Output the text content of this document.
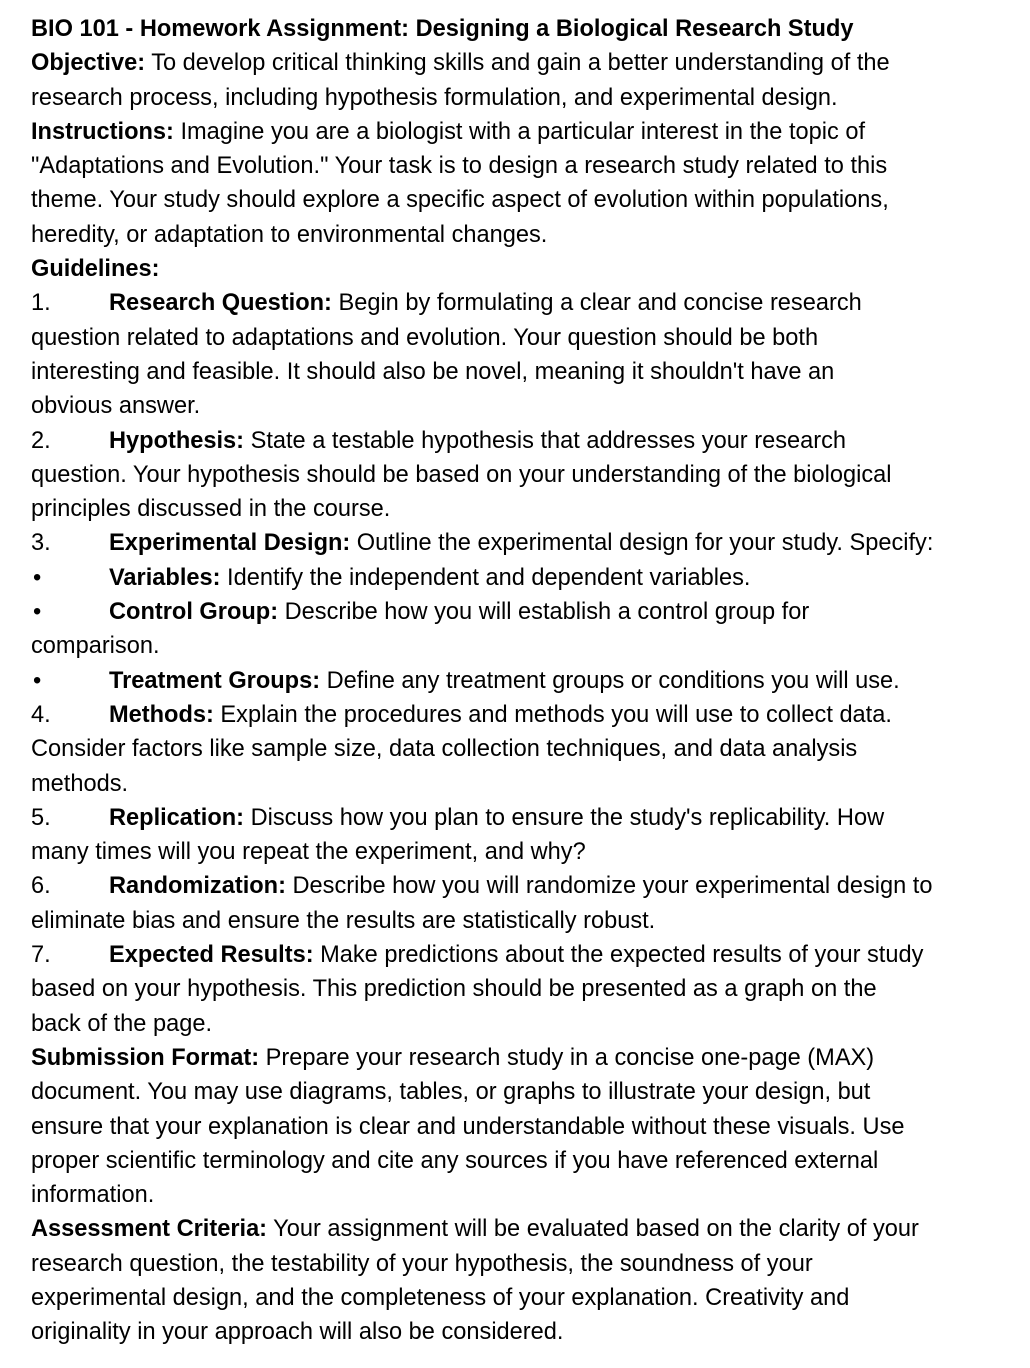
BIO 101 - Homework Assignment: Designing a Biological Research Study
Objective: To develop critical thinking skills and gain a better understanding of the
research process, including hypothesis formulation, and experimental design.
Instructions: Imagine you are a biologist with a particular interest in the topic of
"Adaptations and Evolution." Your task is to design a research study related to this
theme. Your study should explore a specific aspect of evolution within populations,
heredity, or adaptation to environmental changes.
Guidelines:
1. Research Question: Begin by formulating a clear and concise research
question related to adaptations and evolution. Your question should be both
interesting and feasible. It should also be novel, meaning it shouldn't have an
obvious answer.
2. Hypothesis: State a testable hypothesis that addresses your research
question. Your hypothesis should be based on your understanding of the biological
principles discussed in the course.
3. Experimental Design: Outline the experimental design for your study. Specify:
•	Variables: Identify the independent and dependent variables.
•	Control Group: Describe how you will establish a control group for
comparison.
•	Treatment Groups: Define any treatment groups or conditions you will use.
4. Methods: Explain the procedures and methods you will use to collect data.
Consider factors like sample size, data collection techniques, and data analysis
methods.
5. Replication: Discuss how you plan to ensure the study's replicability. How
many times will you repeat the experiment, and why?
6. Randomization: Describe how you will randomize your experimental design to
eliminate bias and ensure the results are statistically robust.
7. Expected Results: Make predictions about the expected results of your study
based on your hypothesis. This prediction should be presented as a graph on the
back of the page.
Submission Format: Prepare your research study in a concise one-page (MAX)
document. You may use diagrams, tables, or graphs to illustrate your design, but
ensure that your explanation is clear and understandable without these visuals. Use
proper scientific terminology and cite any sources if you have referenced external
information.
Assessment Criteria: Your assignment will be evaluated based on the clarity of your
research question, the testability of your hypothesis, the soundness of your
experimental design, and the completeness of your explanation. Creativity and
originality in your approach will also be considered.
